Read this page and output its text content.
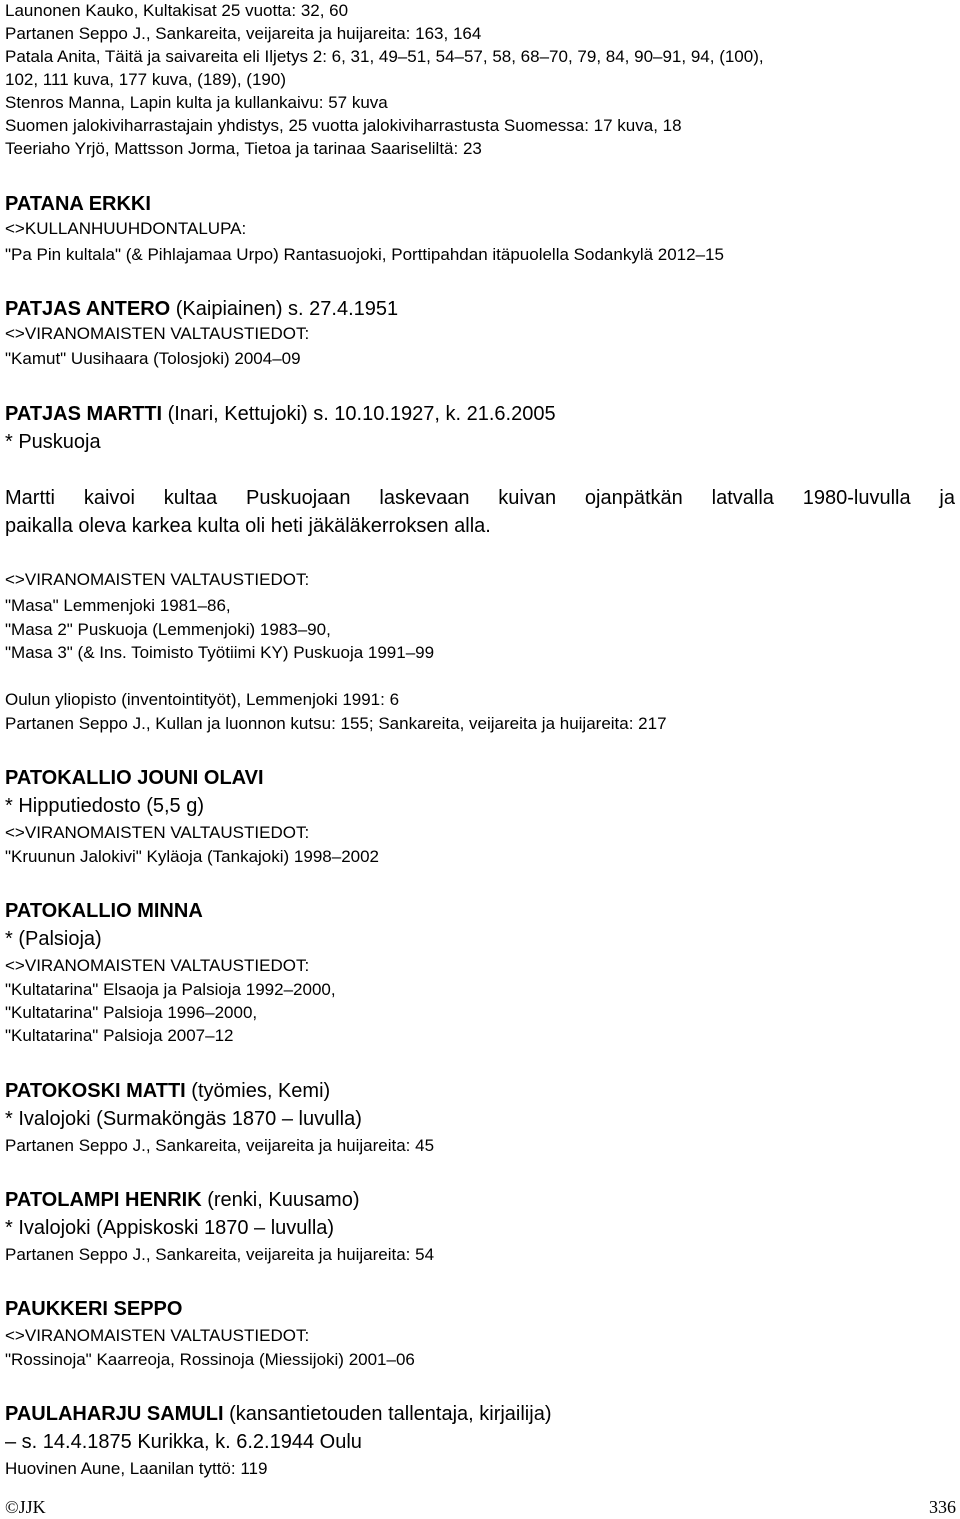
Launonen Kauko, Kultakisat 25 vuotta: 32, 60
Partanen Seppo J., Sankareita, veijareita ja huijareita: 163, 164
Patala Anita, Täitä ja saivareita eli Iljetys 2: 6, 31, 49–51, 54–57, 58, 68–70, 79, 84, 90–91, 94, (100),
102, 111 kuva, 177 kuva, (189), (190)
Stenros Manna, Lapin kulta ja kullankaivu: 57 kuva
Suomen jalokiviharrastajain yhdistys, 25 vuotta jalokiviharrastusta Suomessa: 17 kuva, 18
Teeriaho Yrjö, Mattsson Jorma, Tietoa ja tarinaa Saariseliltä: 23
PATANA ERKKI
<>KULLANHUUHDONTALUPA:
"Pa Pin kultala" (& Pihlajamaa Urpo) Rantasuojoki, Porttipahdan itäpuolella Sodankylä 2012–15
PATJAS ANTERO (Kaipiainen) s. 27.4.1951
<>VIRANOMAISTEN VALTAUSTIEDOT:
"Kamut" Uusihaara (Tolosjoki) 2004–09
PATJAS MARTTI (Inari, Kettujoki) s. 10.10.1927, k. 21.6.2005
* Puskuoja
Martti kaivoi kultaa Puskuojaan laskevaan kuivan ojanpätkän latvalla 1980-luvulla ja
paikalla oleva karkea kulta oli heti jäkäläkerroksen alla.
<>VIRANOMAISTEN VALTAUSTIEDOT:
"Masa" Lemmenjoki 1981–86,
"Masa 2" Puskuoja (Lemmenjoki) 1983–90,
"Masa 3" (& Ins. Toimisto Työtiimi KY) Puskuoja 1991–99
Oulun yliopisto (inventointityöt), Lemmenjoki 1991: 6
Partanen Seppo J., Kullan ja luonnon kutsu: 155; Sankareita, veijareita ja huijareita: 217
PATOKALLIO JOUNI OLAVI
* Hipputiedosto (5,5 g)
<>VIRANOMAISTEN VALTAUSTIEDOT:
"Kruunun Jalokivi" Kyläoja (Tankajoki) 1998–2002
PATOKALLIO MINNA
* (Palsioja)
<>VIRANOMAISTEN VALTAUSTIEDOT:
"Kultatarina" Elsaoja ja Palsioja 1992–2000,
"Kultatarina" Palsioja 1996–2000,
"Kultatarina" Palsioja 2007–12
PATOKOSKI MATTI (työmies, Kemi)
* Ivalojoki (Surmaköngäs 1870 – luvulla)
Partanen Seppo J., Sankareita, veijareita ja huijareita: 45
PATOLAMPI HENRIK (renki, Kuusamo)
* Ivalojoki (Appiskoski 1870 – luvulla)
Partanen Seppo J., Sankareita, veijareita ja huijareita: 54
PAUKKERI SEPPO
<>VIRANOMAISTEN VALTAUSTIEDOT:
"Rossinoja" Kaarreoja, Rossinoja (Miessijoki) 2001–06
PAULAHARJU SAMULI (kansantietouden tallentaja, kirjailija)
– s. 14.4.1875 Kurikka, k. 6.2.1944 Oulu
Huovinen Aune, Laanilan tyttö: 119
©JJK	336
